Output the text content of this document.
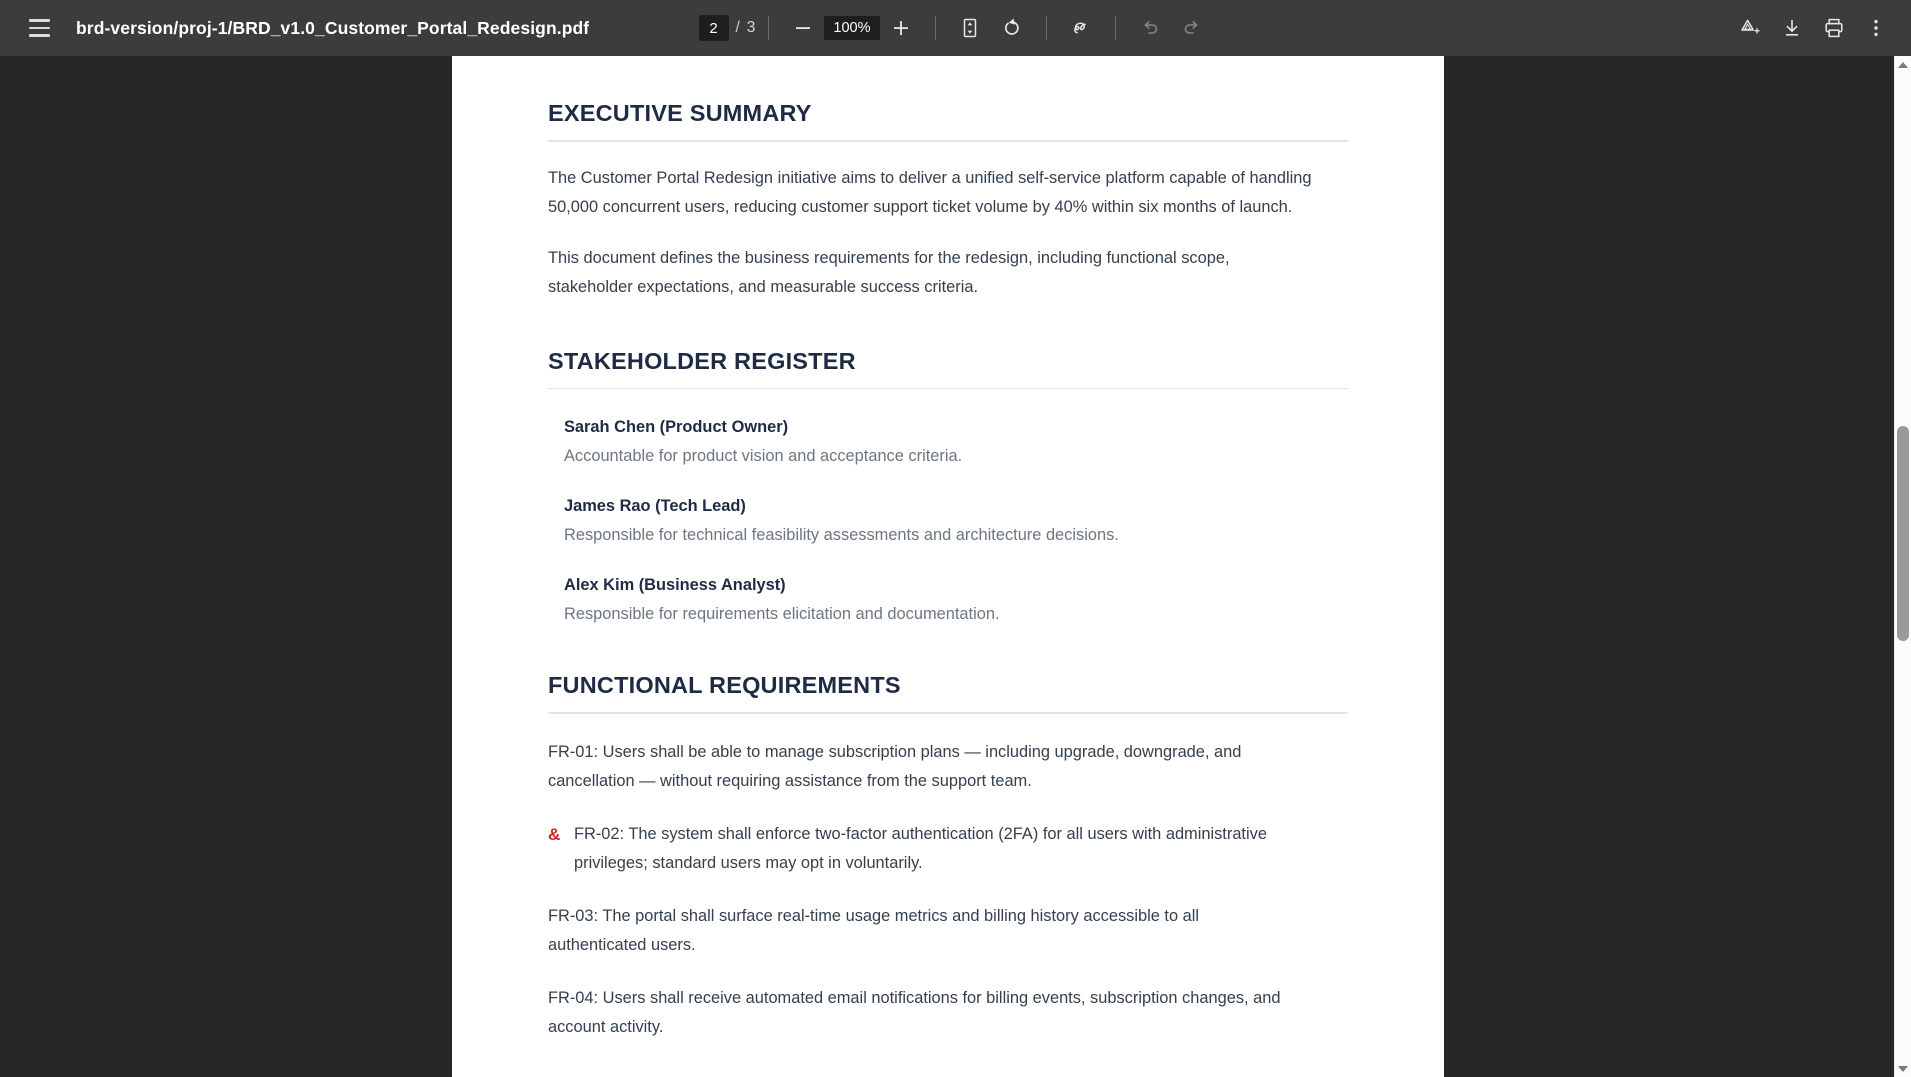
brd-version/proj-1/BRD_v1.0_Customer_Portal_Redesign.pdf
2	/ 3	100%
EXECUTIVE SUMMARY

The Customer Portal Redesign initiative aims to deliver a unified self-service platform capable of handling 50,000 concurrent users, reducing customer support ticket volume by 40% within six months of launch.

This document defines the business requirements for the redesign, including functional scope, stakeholder expectations, and measurable success criteria.

STAKEHOLDER REGISTER
Sarah Chen (Product Owner)
Accountable for product vision and acceptance criteria.
James Rao (Tech Lead)
Responsible for technical feasibility assessments and architecture decisions.
Alex Kim (Business Analyst)
Responsible for requirements elicitation and documentation.
FUNCTIONAL REQUIREMENTS
FR-01: Users shall be able to manage subscription plans — including upgrade, downgrade, and cancellation — without requiring assistance from the support team.
& FR-02: The system shall enforce two-factor authentication (2FA) for all users with administrative privileges; standard users may opt in voluntarily.
FR-03: The portal shall surface real-time usage metrics and billing history accessible to all authenticated users.
FR-04: Users shall receive automated email notifications for billing events, subscription changes, and account activity.
